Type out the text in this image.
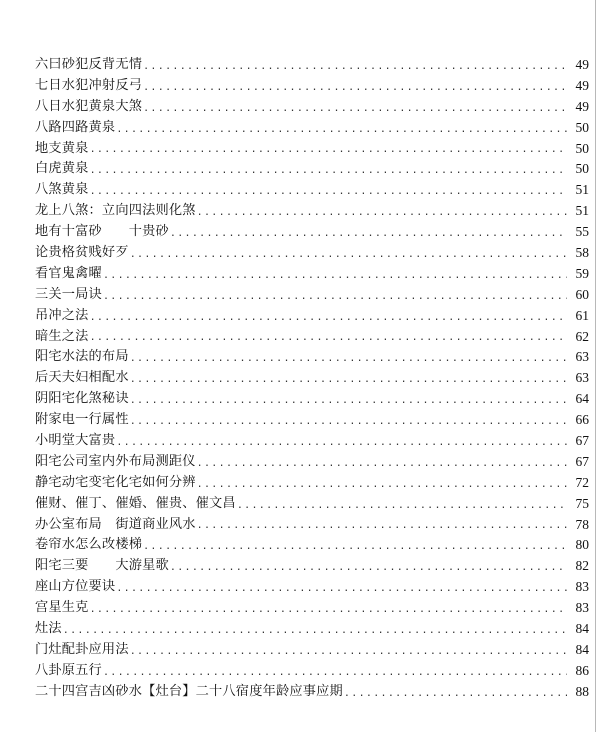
六曰砂犯反背无情 .....	49
七日水犯冲射反弓 .....	49
八日水犯黄泉大煞 .....	49
八路四路黄泉 .....	50
地支黄泉 .....	50
白虎黄泉 .....	50
八煞黄泉 .....	51
龙上八煞：立向四法则化煞 .....	51
地有十富砂　　十贵砂 .....	55
论贵格贫贱好歹 .....	58
看官鬼禽曜 .....	59
三关一局诀 .....	60
吊冲之法 .....	61
暗生之法 .....	62
阳宅水法的布局 .....	63
后天夫妇相配水 .....	63
阴阳宅化煞秘诀 .....	64
附家电一行属性 .....	66
小明堂大富贵 .....	67
阳宅公司室内外布局测距仪 .....	67
静宅动宅变宅化宅如何分辨 .....	72
催财、催丁、催婚、催贵、催文昌 .....	75
办公室布局　街道商业风水 .....	78
卷帘水怎么改楼梯 .....	80
阳宅三要　　大游星歌 .....	82
座山方位要诀 .....	83
宫星生克 .....	83
灶法 .....	84
门灶配卦应用法 .....	84
八卦原五行 .....	86
二十四宫吉凶砂水【灶台】二十八宿度年龄应事应期 .....	88
